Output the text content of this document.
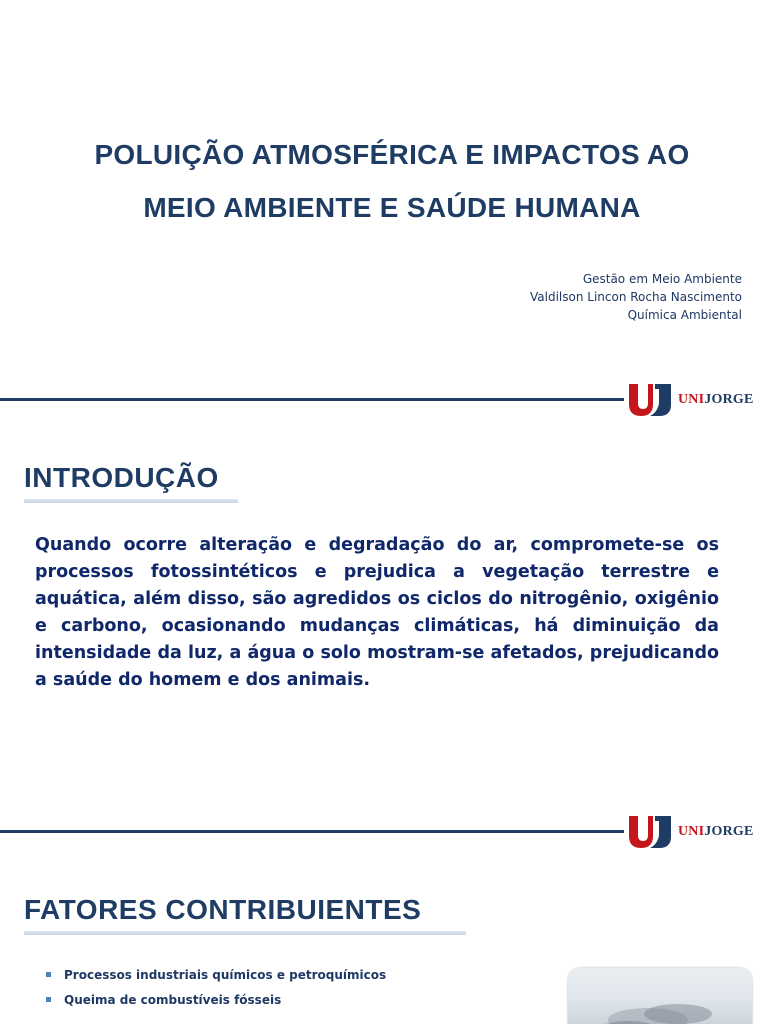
POLUIÇÃO ATMOSFÉRICA E IMPACTOS AO
MEIO AMBIENTE E SAÚDE HUMANA
Gestão em Meio Ambiente
Valdilson Lincon Rocha Nascimento
Química Ambiental
UNIJORGE
INTRODUÇÃO
Quando ocorre alteração e degradação do ar, compromete-se os processos fotossintéticos e prejudica a vegetação terrestre e aquática, além disso, são agredidos os ciclos do nitrogênio, oxigênio e carbono, ocasionando mudanças climáticas, há diminuição da intensidade da luz, a água o solo mostram-se afetados, prejudicando a saúde do homem e dos animais.
UNIJORGE
FATORES CONTRIBUIENTES
Processos industriais químicos e petroquímicos
Queima de combustíveis fósseis
